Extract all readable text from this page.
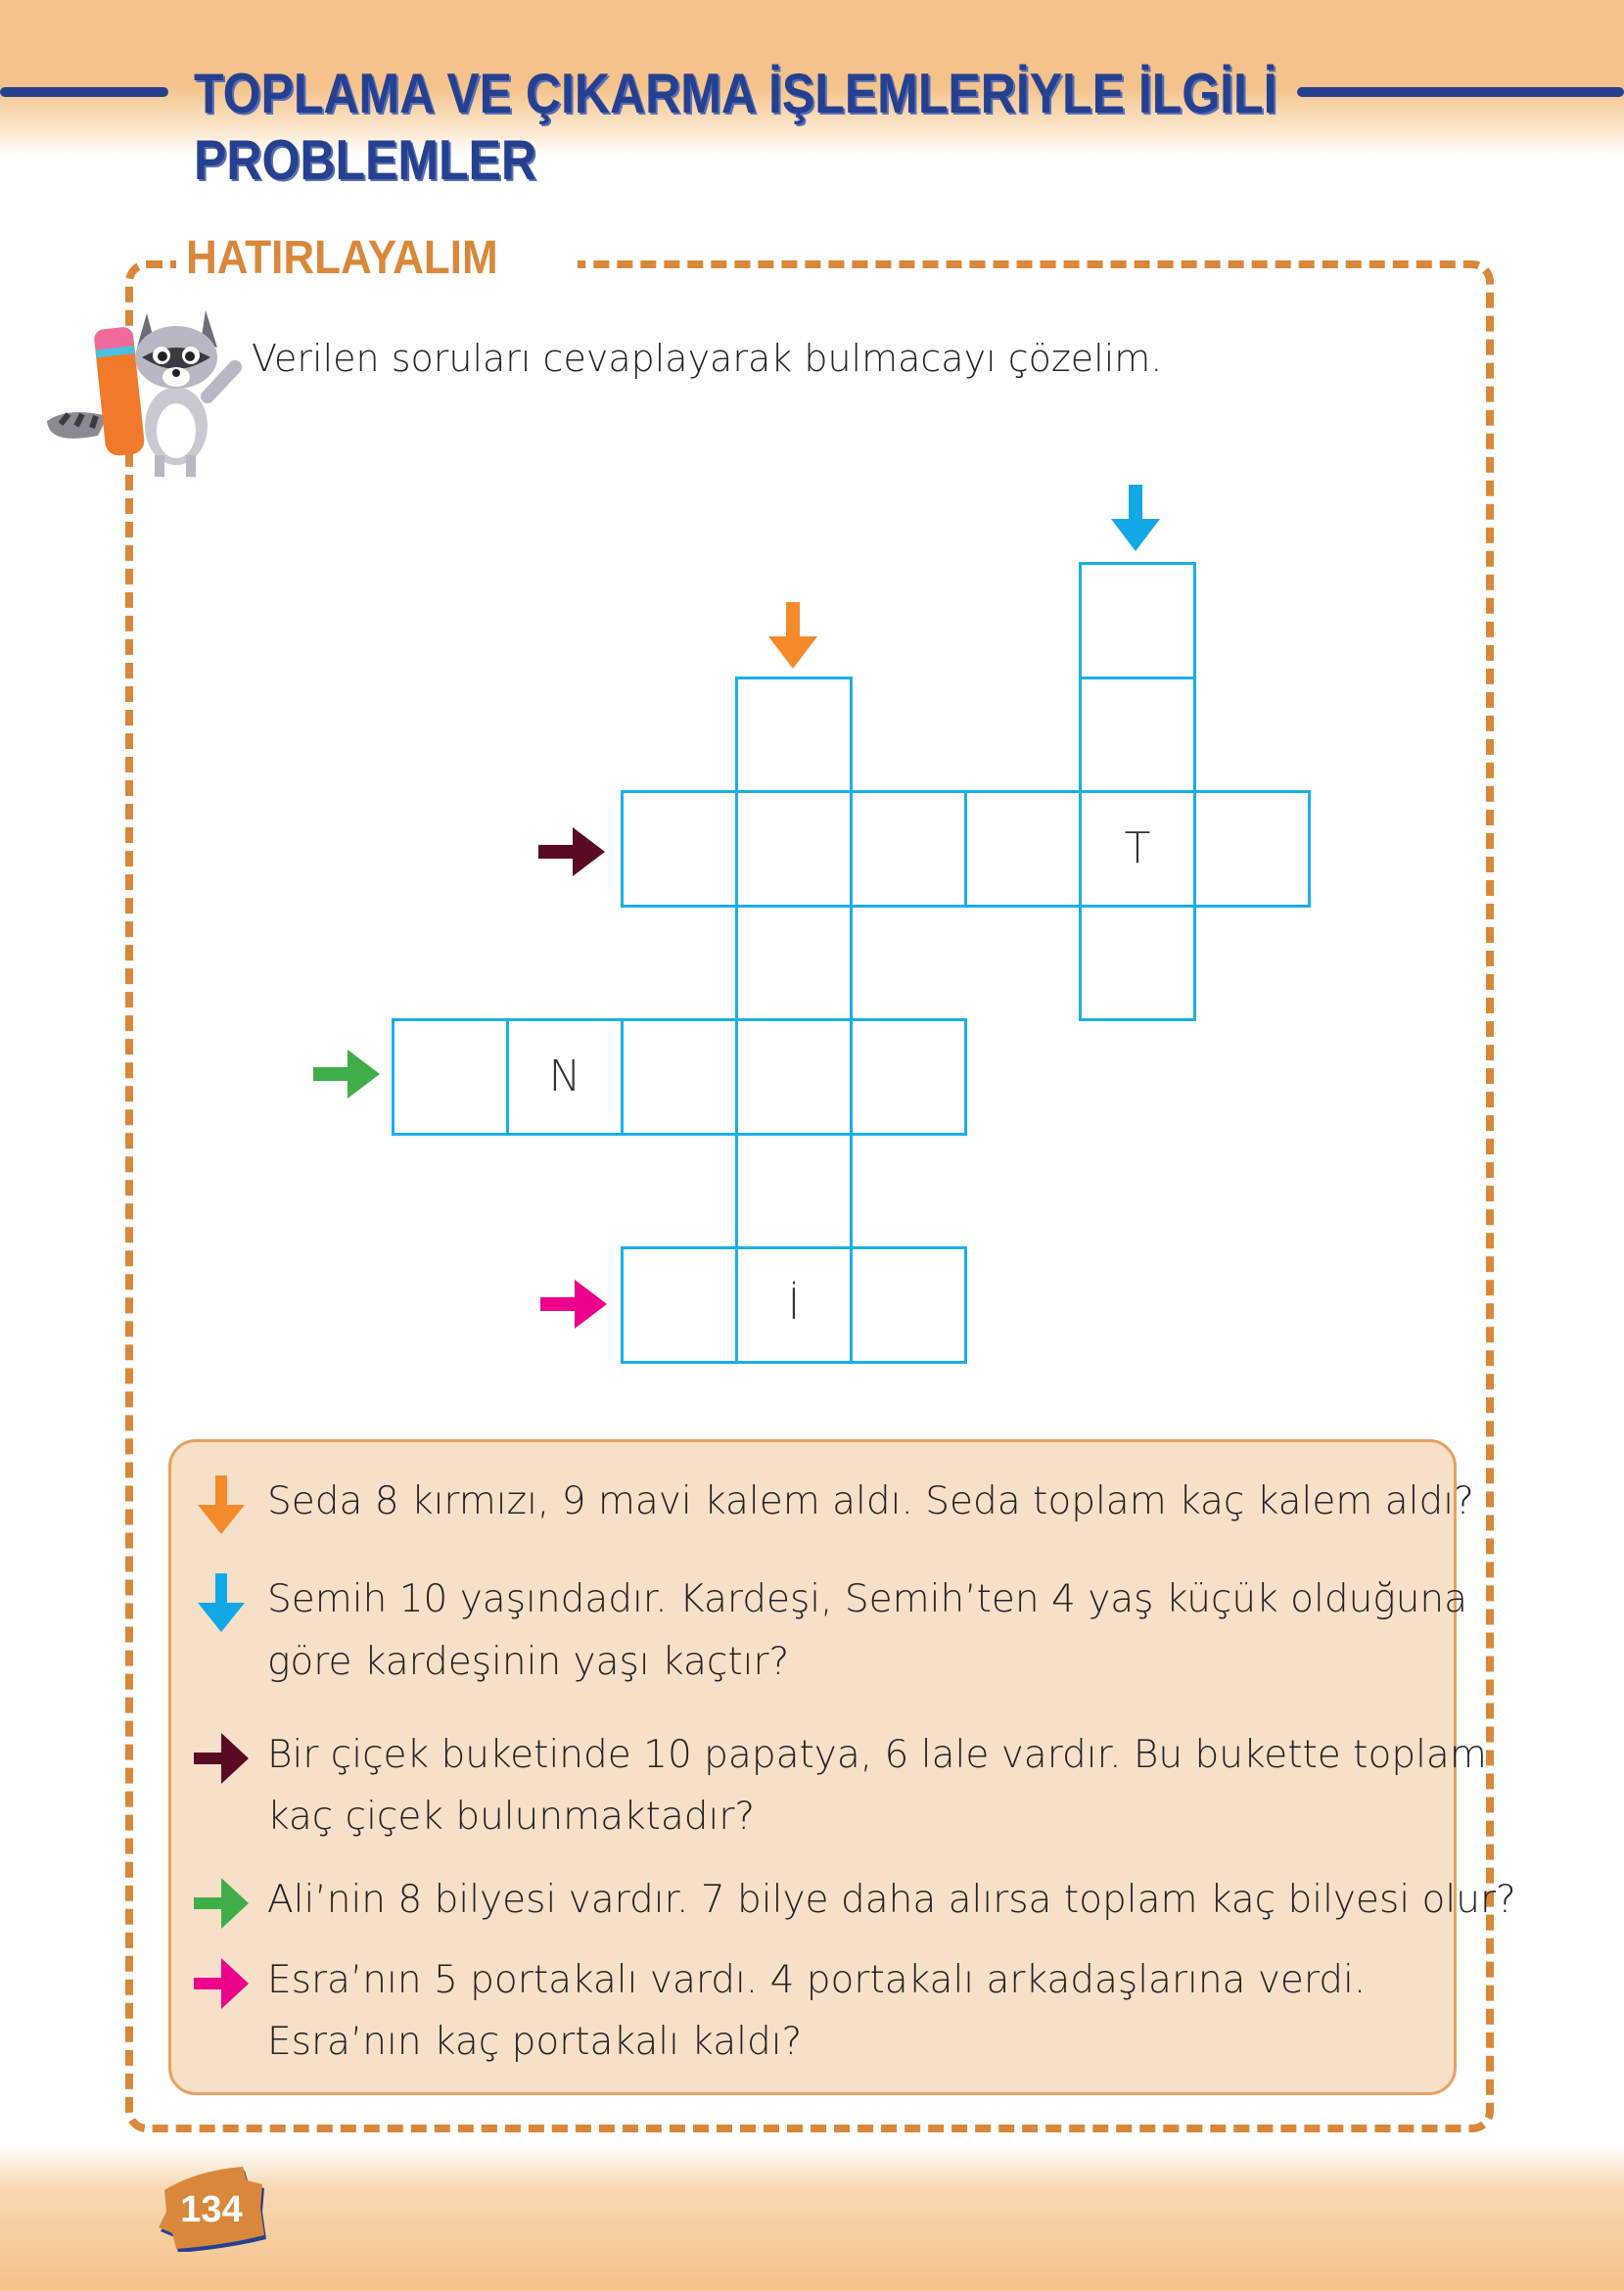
TOPLAMA VE ÇIKARMA İŞLEMLERİYLE İLGİLİ
PROBLEMLER
HATIRLAYALIM
Verilen soruları cevaplayarak bulmacayı çözelim.
İ
T
N
Seda 8 kırmızı, 9 mavi kalem aldı. Seda toplam kaç kalem aldı?
Semih 10 yaşındadır. Kardeşi, Semih’ten 4 yaş küçük olduğuna
göre kardeşinin yaşı kaçtır?
Bir çiçek buketinde 10 papatya, 6 lale vardır. Bu bukette toplam
kaç çiçek bulunmaktadır?
Ali’nin 8 bilyesi vardır. 7 bilye daha alırsa toplam kaç bilyesi olur?
Esra’nın 5 portakalı vardı. 4 portakalı arkadaşlarına verdi.
Esra’nın kaç portakalı kaldı?
134
